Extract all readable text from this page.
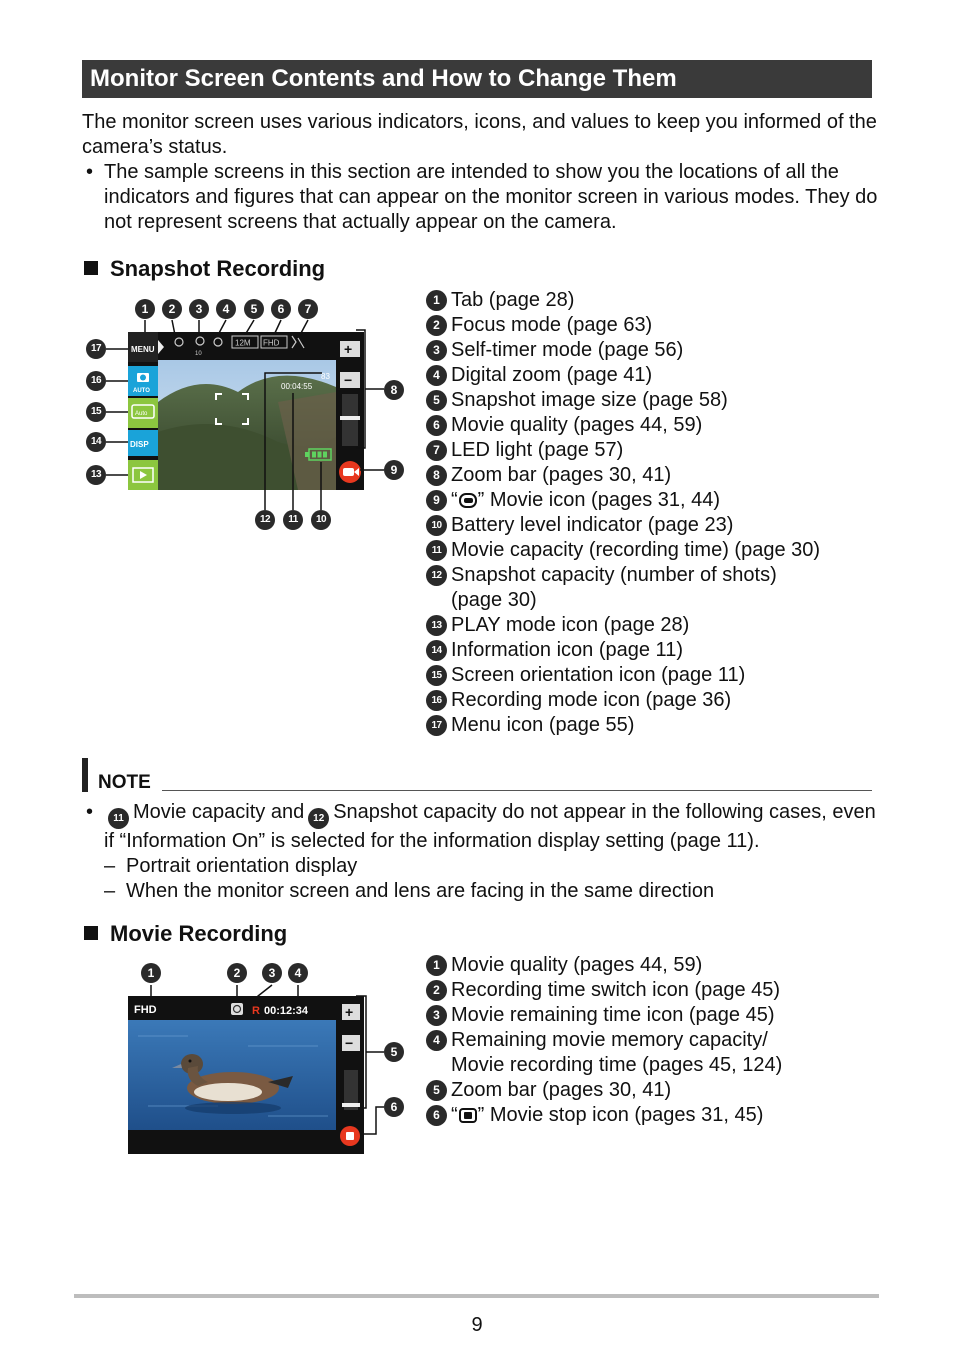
Monitor Screen Contents and How to Change Them
The monitor screen uses various indicators, icons, and values to keep you informed of the camera’s status.
• The sample screens in this section are intended to show you the locations of all the indicators and figures that can appear on the monitor screen in various modes. They do not represent screens that actually appear on the camera.
Snapshot Recording
1	2	3	4	5	6	7
17
16
15
14
13
8
9
12	11	10
MENU
AUTO
Auto
DISP
10
12M FHD
83
00:04:55
+
−
1 Tab (page 28)
2 Focus mode (page 63)
3 Self-timer mode (page 56)
4 Digital zoom (page 41)
5 Snapshot image size (page 58)
6 Movie quality (pages 44, 59)
7 LED light (page 57)
8 Zoom bar (pages 30, 41)
9 “ ” Movie icon (pages 31, 44)
10 Battery level indicator (page 23)
11 Movie capacity (recording time) (page 30)
12 Snapshot capacity (number of shots)
(page 30)
13 PLAY mode icon (page 28)
14 Information icon (page 11)
15 Screen orientation icon (page 11)
16 Recording mode icon (page 36)
17 Menu icon (page 55)
NOTE
• 11 Movie capacity and 12 Snapshot capacity do not appear in the following cases, even if “Information On” is selected for the information display setting (page 11).
– Portrait orientation display
– When the monitor screen and lens are facing in the same direction
Movie Recording
1	2	3	4
5
6
FHD	R 00:12:34	+
−
1 Movie quality (pages 44, 59)
2 Recording time switch icon (page 45)
3 Movie remaining time icon (page 45)
4 Remaining movie memory capacity/
Movie recording time (pages 45, 124)
5 Zoom bar (pages 30, 41)
6 “ ” Movie stop icon (pages 31, 45)
9
